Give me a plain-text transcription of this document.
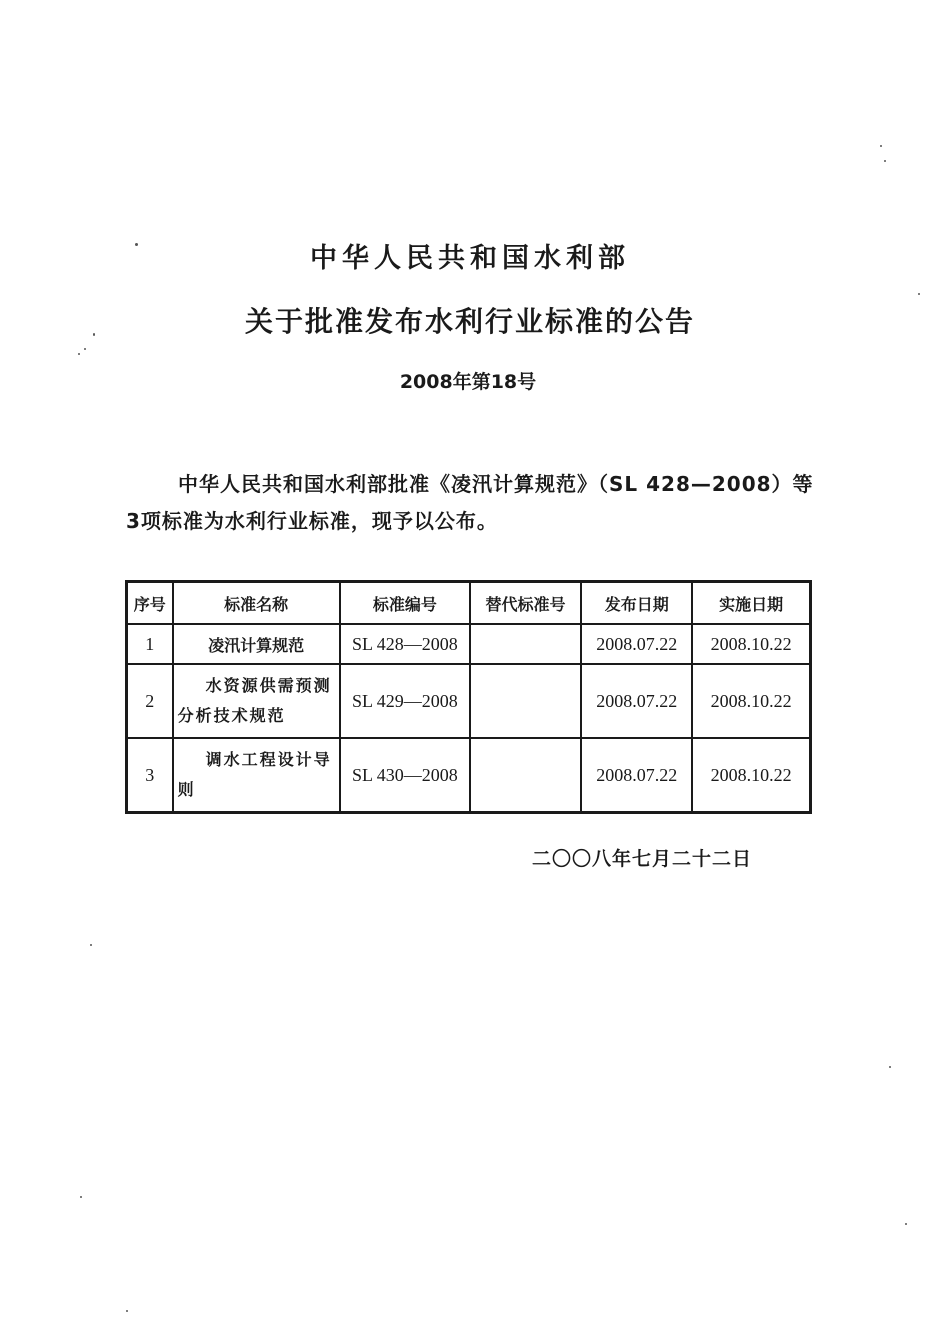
中华人民共和国水利部
关于批准发布水利行业标准的公告
2008年第18号
中华人民共和国水利部批准《凌汛计算规范》（SL 428—2008）等3项标准为水利行业标准，现予以公布。
序号	标准名称	标准编号	替代标准号	发布日期	实施日期
1	凌汛计算规范	SL 428—2008		2008.07.22	2008.10.22
2	水资源供需预测分析技术规范	SL 429—2008		2008.07.22	2008.10.22
3	调水工程设计导则	SL 430—2008		2008.07.22	2008.10.22
二〇〇八年七月二十二日
